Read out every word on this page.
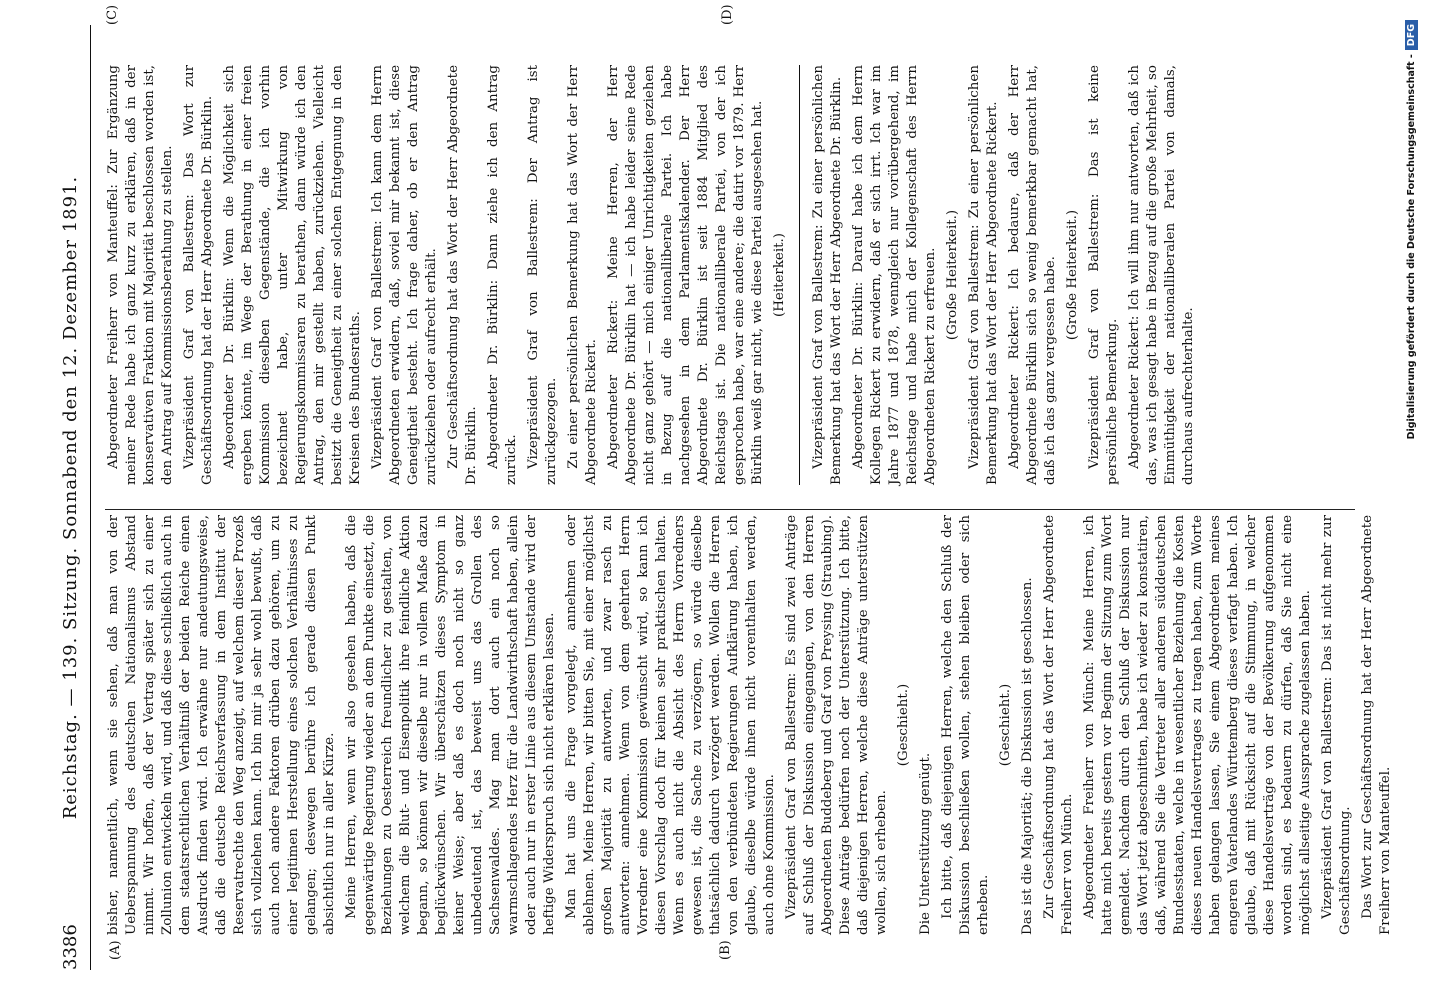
3386
Reichstag. — 139. Sitzung. Sonnabend den 12. Dezember 1891.
(A)	(B)
(C)	(D)

bisher, namentlich, wenn sie sehen, daß man von der Ueberspannung des deutschen Nationalismus Abstand nimmt. Wir hoffen, daß der Vertrag später sich zu einer Zollunion entwickeln wird, und daß diese schließlich auch in dem staatsrechtlichen Verhältniß der beiden Reiche einen Ausdruck finden wird. Ich erwähne nur andeutungsweise, daß die deutsche Reichsverfassung in dem Institut der Reservatrechte den Weg anzeigt, auf welchem dieser Prozeß sich vollziehen kann. Ich bin mir ja sehr wohl bewußt, daß auch noch andere Faktoren drüben dazu gehören, um zu einer legitimen Herstellung eines solchen Verhältnisses zu gelangen; deswegen berühre ich gerade diesen Punkt absichtlich nur in aller Kürze. Meine Herren, wenn wir also gesehen haben, daß die gegenwärtige Regierung wieder an dem Punkte einsetzt, die Beziehungen zu Oesterreich freundlicher zu gestalten, von welchem die Blut- und Eisenpolitik ihre feindliche Aktion begann, so können wir dieselbe nur in vollem Maße dazu beglückwünschen. Wir überschätzen dieses Symptom in keiner Weise; aber daß es doch noch nicht so ganz unbedeutend ist, das beweist uns das Grollen des Sachsenwaldes. Mag man dort auch ein noch so warmschlagendes Herz für die Landwirthschaft haben, allein oder auch nur in erster Linie aus diesem Umstande wird der heftige Widerspruch sich nicht erklären lassen. Man hat uns die Frage vorgelegt, annehmen oder ablehnen. Meine Herren, wir bitten Sie, mit einer möglichst großen Majorität zu antworten, und zwar rasch zu antworten: annehmen. Wenn von dem geehrten Herrn Vorredner eine Kommission gewünscht wird, so kann ich diesen Vorschlag doch für keinen sehr praktischen halten. Wenn es auch nicht die Absicht des Herrn Vorredners gewesen ist, die Sache zu verzögern, so würde dieselbe thatsächlich dadurch verzögert werden. Wollen die Herren von den verbündeten Regierungen Aufklärung haben, ich glaube, dieselbe würde ihnen nicht vorenthalten werden, auch ohne Kommission. Vizepräsident Graf von Ballestrem: Es sind zwei Anträge auf Schluß der Diskussion eingegangen, von den Herren Abgeordneten Buddeberg und Graf von Preysing (Straubing). Diese Anträge bedürfen noch der Unterstützung. Ich bitte, daß diejenigen Herren, welche diese Anträge unterstützen wollen, sich erheben.

(Geschieht.)

Die Unterstützung genügt. Ich bitte, daß diejenigen Herren, welche den Schluß der Diskussion beschließen wollen, stehen bleiben oder sich erheben.

(Geschieht.) Das ist die Majorität; die Diskussion ist geschlossen. Zur Geschäftsordnung hat das Wort der Herr Abgeordnete Freiherr von Münch. Abgeordneter Freiherr von Münch: Meine Herren, ich hatte mich bereits gestern vor Beginn der Sitzung zum Wort gemeldet. Nachdem durch den Schluß der Diskussion nur das Wort jetzt abgeschnitten, habe ich wieder zu konstatiren, daß, während Sie die Vertreter aller anderen süddeutschen Bundesstaaten, welche in wesentlicher Beziehung die Kosten dieses neuen Handelsvertrages zu tragen haben, zum Worte haben gelangen lassen, Sie einem Abgeordneten meines engeren Vaterlandes Württemberg dieses verfagt haben. Ich glaube, daß mit Rücksicht auf die Stimmung, in welcher diese Handelsverträge von der Bevölkerung aufgenommen worden sind, es bedauern zu dürfen, daß Sie nicht eine möglichst allseitige Aussprache zugelassen haben. Vizepräsident Graf von Ballestrem: Das ist nicht mehr zur Geschäftsordnung. Das Wort zur Geschäftsordnung hat der Herr Abgeordnete Freiherr von Manteuffel.

Abgeordneter Freiherr von Manteuffel: Zur Ergänzung meiner Rede habe ich ganz kurz zu erklären, daß in der konservativen Fraktion mit Majorität beschlossen worden ist, den Antrag auf Kommissionsberathung zu stellen. Vizepräsident Graf von Ballestrem: Das Wort zur Geschäftsordnung hat der Herr Abgeordnete Dr. Bürklin. Abgeordneter Dr. Bürklin: Wenn die Möglichkeit sich ergeben könnte, im Wege der Berathung in einer freien Kommission dieselben Gegenstände, die ich vorhin bezeichnet habe, unter Mitwirkung von Regierungskommissaren zu berathen, dann würde ich den Antrag, den mir gestellt haben, zurückziehen. Vielleicht besitzt die Geneigtheit zu einer solchen Entgegnung in den Kreisen des Bundesraths. Vizepräsident Graf von Ballestrem: Ich kann dem Herrn Abgeordneten erwidern, daß, soviel mir bekannt ist, diese Geneigtheit besteht. Ich frage daher, ob er den Antrag zurückziehen oder aufrecht erhält. Zur Geschäftsordnung hat das Wort der Herr Abgeordnete Dr. Bürklin. Abgeordneter Dr. Bürklin: Dann ziehe ich den Antrag zurück. Vizepräsident Graf von Ballestrem: Der Antrag ist zurückgezogen. Zu einer persönlichen Bemerkung hat das Wort der Herr Abgeordnete Rickert. Abgeordneter Rickert: Meine Herren, der Herr Abgeordnete Dr. Bürklin hat — ich habe leider seine Rede nicht ganz gehört — mich einiger Unrichtigkeiten geziehen in Bezug auf die nationalliberale Partei. Ich habe nachgesehen in dem Parlamentskalender. Der Herr Abgeordnete Dr. Bürklin ist seit 1884 Mitglied des Reichstags ist. Die nationalliberale Partei, von der ich gesprochen habe, war eine andere; die datirt vor 1879. Herr Bürklin weiß gar nicht, wie diese Partei ausgesehen hat. (Heiterkeit.) Vizepräsident Graf von Ballestrem: Zu einer persönlichen Bemerkung hat das Wort der Herr Abgeordnete Dr. Bürklin. Abgeordneter Dr. Bürklin: Darauf habe ich dem Herrn Kollegen Rickert zu erwidern, daß er sich irrt. Ich war im Jahre 1877 und 1878, wenngleich nur vorübergehend, im Reichstage und habe mich der Kollegenschaft des Herrn Abgeordneten Rickert zu erfreuen. (Große Heiterkeit.) Vizepräsident Graf von Ballestrem: Zu einer persönlichen Bemerkung hat das Wort der Herr Abgeordnete Rickert. Abgeordneter Rickert: Ich bedaure, daß der Herr Abgeordnete Bürklin sich so wenig bemerkbar gemacht hat, daß ich das ganz vergessen habe. (Große Heiterkeit.) Vizepräsident Graf von Ballestrem: Das ist keine persönliche Bemerkung. Abgeordneter Rickert: Ich will ihm nur antworten, daß ich das, was ich gesagt habe in Bezug auf die große Mehrheit, so Einmüthigkeit der nationalliberalen Partei von damals, durchaus aufrechterhalte.	Digitalisierung gefördert durch die Deutsche Forschungsgemeinschaft -DFG
